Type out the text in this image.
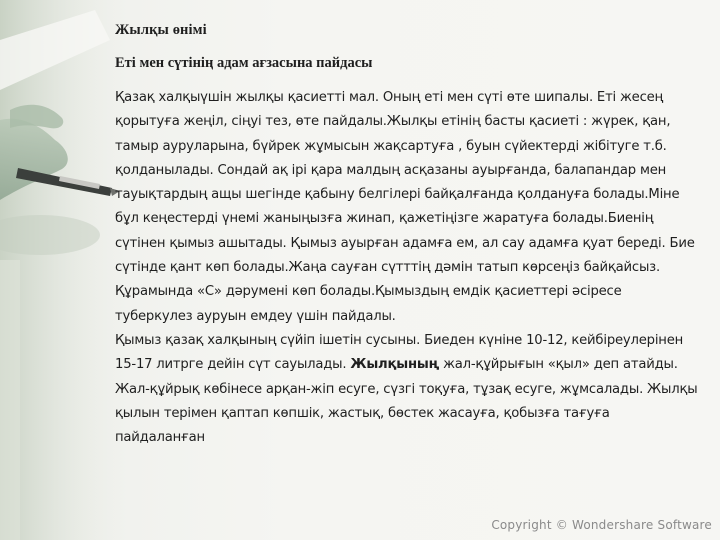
Жылқы өнімі
Еті мен сүтінің адам ағзасына пайдасы

Қазақ халқыүшін жылқы қасиетті мал. Оның еті мен сүті өте шипалы. Еті жесең қорытуға жеңіл, сіңуі тез, өте пайдалы.Жылқы етінің басты қасиеті : жүрек, қан, тамыр ауруларына, бүйрек жұмысын жақсартуға , буын сүйектерді жібітуге т.б. қолданылады. Сондай ақ ірі қара малдың асқазаны ауырғанда, балапандар мен тауықтардың ащы шегінде қабыну белгілері байқалғанда қолдануға болады.Міне бұл кеңестерді үнемі жаныңызға жинап, қажетіңізге жаратуға болады.Биенің сүтінен қымыз ашытады. Қымыз ауырған адамға ем, ал сау адамға қуат береді. Бие сүтінде қант көп болады.Жаңа сауған сүтттің дәмін татып көрсеңіз байқайсыз. Құрамында «С» дәрумені көп болады.Қымыздың емдік қасиеттері әсіресе туберкулез ауруын емдеу үшін пайдалы.

Қымыз қазақ халқының сүйіп ішетін сусыны. Биеден күніне 10-12, кейбіреулерінен 15-17 литрге дейін сүт сауылады. Жылқының жал-құйрығын «қыл» деп атайды. Жал-құйрық көбінесе арқан-жіп есуге, сүзгі тоқуға, тұзақ есуге, жұмсалады. Жылқы қылын терімен қаптап көпшік, жастық, бөстек жасауға, қобызға тағуға пайдаланған

Copyright © Wondershare Software
